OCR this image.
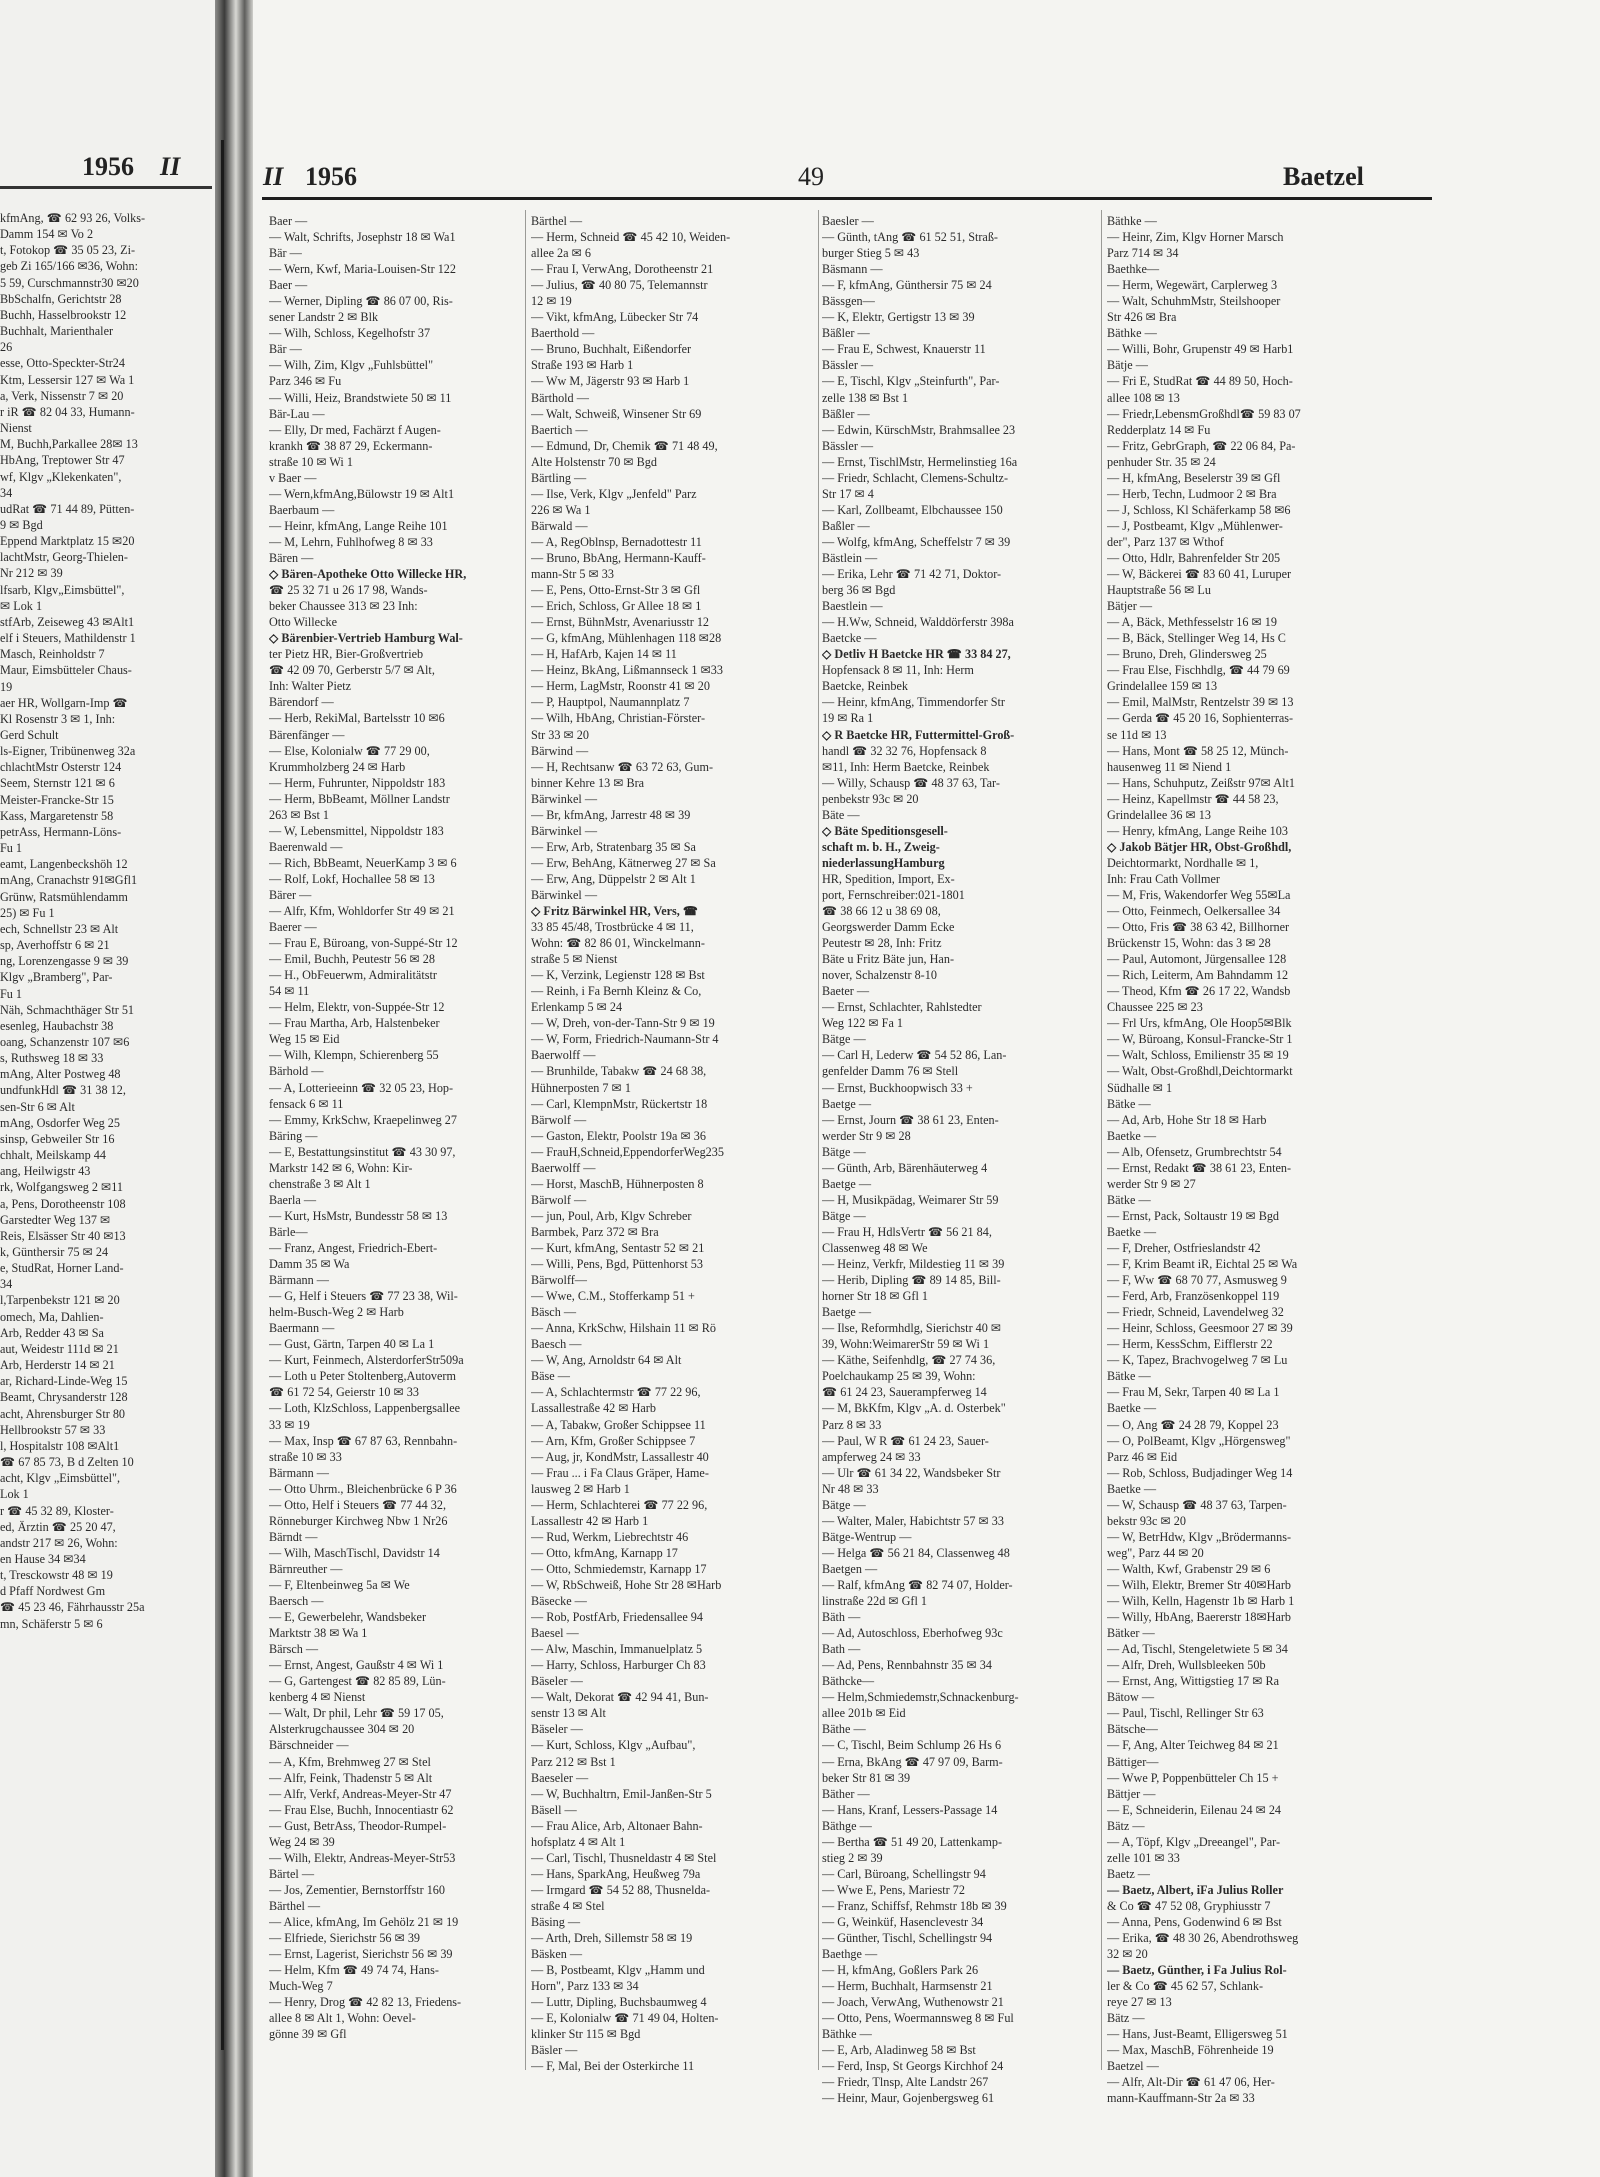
1956 II
kfmAng, ☎ 62 93 26, Volks-
Damm 154 ✉ Vo 2
t, Fotokop ☎ 35 05 23, Zi-
geb Zi 165/166 ✉36, Wohn:
5 59, Curschmannstr30 ✉20
BbSchalfn, Gerichtstr 28
Buchh, Hasselbrookstr 12
Buchhalt, Marienthaler
26
esse, Otto-Speckter-Str24
Ktm, Lessersir 127 ✉ Wa 1
a, Verk, Nissenstr 7 ✉ 20
r iR ☎ 82 04 33, Humann-
Nienst
M, Buchh,Parkallee 28✉ 13
HbAng, Treptower Str 47
wf, Klgv „Klekenkaten",
34
udRat ☎ 71 44 89, Pütten-
9 ✉ Bgd
Eppend Marktplatz 15 ✉20
lachtMstr, Georg-Thielen-
Nr 212 ✉ 39
lfsarb, Klgv„Eimsbüttel",
✉ Lok 1
stfArb, Zeiseweg 43 ✉Alt1
elf i Steuers, Mathildenstr 1
Masch, Reinholdstr 7
Maur, Eimsbütteler Chaus-
19
aer HR, Wollgarn-Imp ☎
Kl Rosenstr 3 ✉ 1, Inh:
Gerd Schult
ls-Eigner, Tribünenweg 32a
chlachtMstr Osterstr 124
Seem, Sternstr 121 ✉ 6
Meister-Francke-Str 15
Kass, Margaretenstr 58
petrAss, Hermann-Löns-
Fu 1
eamt, Langenbeckshöh 12
mAng, Cranachstr 91✉Gfl1
Grünw, Ratsmühlendamm
25) ✉ Fu 1
ech, Schnellstr 23 ✉ Alt
sp, Averhoffstr 6 ✉ 21
ng, Lorenzengasse 9 ✉ 39
Klgv „Bramberg", Par-
Fu 1
Näh, Schmachthäger Str 51
esenleg, Haubachstr 38
oang, Schanzenstr 107 ✉6
s, Ruthsweg 18 ✉ 33
mAng, Alter Postweg 48
undfunkHdl ☎ 31 38 12,
sen-Str 6 ✉ Alt
mAng, Osdorfer Weg 25
sinsp, Gebweiler Str 16
chhalt, Meilskamp 44
ang, Heilwigstr 43
rk, Wolfgangsweg 2 ✉11
a, Pens, Dorotheenstr 108
Garstedter Weg 137 ✉
Reis, Elsässer Str 40 ✉13
k, Günthersir 75 ✉ 24
e, StudRat, Horner Land-
34
l,Tarpenbekstr 121 ✉ 20
omech, Ma, Dahlien-
Arb, Redder 43 ✉ Sa
aut, Weidestr 111d ✉ 21
Arb, Herderstr 14 ✉ 21
ar, Richard-Linde-Weg 15
Beamt, Chrysanderstr 128
acht, Ahrensburger Str 80
Hellbrookstr 57 ✉ 33
l, Hospitalstr 108 ✉Alt1
☎ 67 85 73, B d Zelten 10
acht, Klgv „Eimsbüttel",
Lok 1
r ☎ 45 32 89, Kloster-
ed, Ärztin ☎ 25 20 47,
andstr 217 ✉ 26, Wohn:
en Hause 34 ✉34
t, Tresckowstr 48 ✉ 19
d Pfaff Nordwest Gm
☎ 45 23 46, Fährhausstr 25a
mn, Schäferstr 5 ✉ 6
II 1956	49	Baetzel
Baer —
— Walt, Schrifts, Josephstr 18 ✉ Wa1
Bär —
— Wern, Kwf, Maria-Louisen-Str 122
Baer —
— Werner, Dipling ☎ 86 07 00, Ris-
sener Landstr 2 ✉ Blk
— Wilh, Schloss, Kegelhofstr 37
Bär —
— Wilh, Zim, Klgv „Fuhlsbüttel"
Parz 346 ✉ Fu
— Willi, Heiz, Brandstwiete 50 ✉ 11
Bär-Lau —
— Elly, Dr med, Fachärzt f Augen-
krankh ☎ 38 87 29, Eckermann-
straße 10 ✉ Wi 1
v Baer —
— Wern,kfmAng,Bülowstr 19 ✉ Alt1
Baerbaum —
— Heinr, kfmAng, Lange Reihe 101
— M, Lehrn, Fuhlhofweg 8 ✉ 33
Bären —
◇ Bären-Apotheke Otto Willecke HR,
☎ 25 32 71 u 26 17 98, Wands-
beker Chaussee 313 ✉ 23 Inh:
Otto Willecke
◇ Bärenbier-Vertrieb Hamburg Wal-
ter Pietz HR, Bier-Großvertrieb
☎ 42 09 70, Gerberstr 5/7 ✉ Alt,
Inh: Walter Pietz
Bärendorf —
— Herb, RekiMal, Bartelsstr 10 ✉6
Bärenfänger —
— Else, Kolonialw ☎ 77 29 00,
Krummholzberg 24 ✉ Harb
— Herm, Fuhrunter, Nippoldstr 183
— Herm, BbBeamt, Möllner Landstr
263 ✉ Bst 1
— W, Lebensmittel, Nippoldstr 183
Baerenwald —
— Rich, BbBeamt, NeuerKamp 3 ✉ 6
— Rolf, Lokf, Hochallee 58 ✉ 13
Bärer —
— Alfr, Kfm, Wohldorfer Str 49 ✉ 21
Baerer —
— Frau E, Büroang, von-Suppé-Str 12
— Emil, Buchh, Peutestr 56 ✉ 28
— H., ObFeuerwm, Admiralitätstr
54 ✉ 11
— Helm, Elektr, von-Suppée-Str 12
— Frau Martha, Arb, Halstenbeker
Weg 15 ✉ Eid
— Wilh, Klempn, Schierenberg 55
Bärhold —
— A, Lotterieeinn ☎ 32 05 23, Hop-
fensack 6 ✉ 11
— Emmy, KrkSchw, Kraepelinweg 27
Bäring —
— E, Bestattungsinstitut ☎ 43 30 97,
Markstr 142 ✉ 6, Wohn: Kir-
chenstraße 3 ✉ Alt 1
Baerla —
— Kurt, HsMstr, Bundesstr 58 ✉ 13
Bärle—
— Franz, Angest, Friedrich-Ebert-
Damm 35 ✉ Wa
Bärmann —
— G, Helf i Steuers ☎ 77 23 38, Wil-
helm-Busch-Weg 2 ✉ Harb
Baermann —
— Gust, Gärtn, Tarpen 40 ✉ La 1
— Kurt, Feinmech, AlsterdorferStr509a
— Loth u Peter Stoltenberg,Autoverm
☎ 61 72 54, Geierstr 10 ✉ 33
— Loth, KlzSchloss, Lappenbergsallee
33 ✉ 19
— Max, Insp ☎ 67 87 63, Rennbahn-
straße 10 ✉ 33
Bärmann —
— Otto Uhrm., Bleichenbrücke 6 P 36
— Otto, Helf i Steuers ☎ 77 44 32,
Rönneburger Kirchweg Nbw 1 Nr26
Bärndt —
— Wilh, MaschTischl, Davidstr 14
Bärnreuther —
— F, Eltenbeinweg 5a ✉ We
Baersch —
— E, Gewerbelehr, Wandsbeker
Marktstr 38 ✉ Wa 1
Bärsch —
— Ernst, Angest, Gaußstr 4 ✉ Wi 1
— G, Gartengest ☎ 82 85 89, Lün-
kenberg 4 ✉ Nienst
— Walt, Dr phil, Lehr ☎ 59 17 05,
Alsterkrugchaussee 304 ✉ 20
Bärschneider —
— A, Kfm, Brehmweg 27 ✉ Stel
— Alfr, Feink, Thadenstr 5 ✉ Alt
— Alfr, Verkf, Andreas-Meyer-Str 47
— Frau Else, Buchh, Innocentiastr 62
— Gust, BetrAss, Theodor-Rumpel-
Weg 24 ✉ 39
— Wilh, Elektr, Andreas-Meyer-Str53
Bärtel —
— Jos, Zementier, Bernstorffstr 160
Bärthel —
— Alice, kfmAng, Im Gehölz 21 ✉ 19
— Elfriede, Sierichstr 56 ✉ 39
— Ernst, Lagerist, Sierichstr 56 ✉ 39
— Helm, Kfm ☎ 49 74 74, Hans-
Much-Weg 7
— Henry, Drog ☎ 42 82 13, Friedens-
allee 8 ✉ Alt 1, Wohn: Oevel-
gönne 39 ✉ Gfl
Bärthel —
— Herm, Schneid ☎ 45 42 10, Weiden-
allee 2a ✉ 6
— Frau I, VerwAng, Dorotheenstr 21
— Julius, ☎ 40 80 75, Telemannstr
12 ✉ 19
— Vikt, kfmAng, Lübecker Str 74
Baerthold —
— Bruno, Buchhalt, Eißendorfer
Straße 193 ✉ Harb 1
— Ww M, Jägerstr 93 ✉ Harb 1
Bärthold —
— Walt, Schweiß, Winsener Str 69
Baertich —
— Edmund, Dr, Chemik ☎ 71 48 49,
Alte Holstenstr 70 ✉ Bgd
Bärtling —
— Ilse, Verk, Klgv „Jenfeld" Parz
226 ✉ Wa 1
Bärwald —
— A, RegOblnsp, Bernadottestr 11
— Bruno, BbAng, Hermann-Kauff-
mann-Str 5 ✉ 33
— E, Pens, Otto-Ernst-Str 3 ✉ Gfl
— Erich, Schloss, Gr Allee 18 ✉ 1
— Ernst, BühnMstr, Avenariusstr 12
— G, kfmAng, Mühlenhagen 118 ✉28
— H, HafArb, Kajen 14 ✉ 11
— Heinz, BkAng, Lißmannseck 1 ✉33
— Herm, LagMstr, Roonstr 41 ✉ 20
— P, Hauptpol, Naumannplatz 7
— Wilh, HbAng, Christian-Förster-
Str 33 ✉ 20
Bärwind —
— H, Rechtsanw ☎ 63 72 63, Gum-
binner Kehre 13 ✉ Bra
Bärwinkel —
— Br, kfmAng, Jarrestr 48 ✉ 39
Bärwinkel —
— Erw, Arb, Stratenbarg 35 ✉ Sa
— Erw, BehAng, Kätnerweg 27 ✉ Sa
— Erw, Ang, Düppelstr 2 ✉ Alt 1
Bärwinkel —
◇ Fritz Bärwinkel HR, Vers, ☎
33 85 45/48, Trostbrücke 4 ✉ 11,
Wohn: ☎ 82 86 01, Winckelmann-
straße 5 ✉ Nienst
— K, Verzink, Legienstr 128 ✉ Bst
— Reinh, i Fa Bernh Kleinz & Co,
Erlenkamp 5 ✉ 24
— W, Dreh, von-der-Tann-Str 9 ✉ 19
— W, Form, Friedrich-Naumann-Str 4
Baerwolff —
— Brunhilde, Tabakw ☎ 24 68 38,
Hühnerposten 7 ✉ 1
— Carl, KlempnMstr, Rückertstr 18
Bärwolf —
— Gaston, Elektr, Poolstr 19a ✉ 36
— FrauH,Schneid,EppendorferWeg235
Baerwolff —
— Horst, MaschB, Hühnerposten 8
Bärwolf —
— jun, Poul, Arb, Klgv Schreber
Barmbek, Parz 372 ✉ Bra
— Kurt, kfmAng, Sentastr 52 ✉ 21
— Willi, Pens, Bgd, Püttenhorst 53
Bärwolff—
— Wwe, C.M., Stofferkamp 51 +
Bäsch —
— Anna, KrkSchw, Hilshain 11 ✉ Rö
Baesch —
— W, Ang, Arnoldstr 64 ✉ Alt
Bäse —
— A, Schlachtermstr ☎ 77 22 96,
Lassallestraße 42 ✉ Harb
— A, Tabakw, Großer Schippsee 11
— Arn, Kfm, Großer Schippsee 7
— Aug, jr, KondMstr, Lassallestr 40
— Frau ... i Fa Claus Gräper, Hame-
lausweg 2 ✉ Harb 1
— Herm, Schlachterei ☎ 77 22 96,
Lassallestr 42 ✉ Harb 1
— Rud, Werkm, Liebrechtstr 46
— Otto, kfmAng, Karnapp 17
— Otto, Schmiedemstr, Karnapp 17
— W, RbSchweiß, Hohe Str 28 ✉Harb
Bäsecke —
— Rob, PostfArb, Friedensallee 94
Baesel —
— Alw, Maschin, Immanuelplatz 5
— Harry, Schloss, Harburger Ch 83
Bäseler —
— Walt, Dekorat ☎ 42 94 41, Bun-
senstr 13 ✉ Alt
Bäseler —
— Kurt, Schloss, Klgv „Aufbau",
Parz 212 ✉ Bst 1
Baeseler —
— W, Buchhaltrn, Emil-Janßen-Str 5
Bäsell —
— Frau Alice, Arb, Altonaer Bahn-
hofsplatz 4 ✉ Alt 1
— Carl, Tischl, Thusneldastr 4 ✉ Stel
— Hans, SparkAng, Heußweg 79a
— Irmgard ☎ 54 52 88, Thusnelda-
straße 4 ✉ Stel
Bäsing —
— Arth, Dreh, Sillemstr 58 ✉ 19
Bäsken —
— B, Postbeamt, Klgv „Hamm und
Horn", Parz 133 ✉ 34
— Luttr, Dipling, Buchsbaumweg 4
— E, Kolonialw ☎ 71 49 04, Holten-
klinker Str 115 ✉ Bgd
Bäsler —
— F, Mal, Bei der Osterkirche 11
Baesler —
— Günth, tAng ☎ 61 52 51, Straß-
burger Stieg 5 ✉ 43
Bäsmann —
— F, kfmAng, Günthersir 75 ✉ 24
Bässgen—
— K, Elektr, Gertigstr 13 ✉ 39
Bäßler —
— Frau E, Schwest, Knauerstr 11
Bässler —
— E, Tischl, Klgv „Steinfurth", Par-
zelle 138 ✉ Bst 1
Bäßler —
— Edwin, KürschMstr, Brahmsallee 23
Bässler —
— Ernst, TischlMstr, Hermelinstieg 16a
— Friedr, Schlacht, Clemens-Schultz-
Str 17 ✉ 4
— Karl, Zollbeamt, Elbchaussee 150
Baßler —
— Wolfg, kfmAng, Scheffelstr 7 ✉ 39
Bästlein —
— Erika, Lehr ☎ 71 42 71, Doktor-
berg 36 ✉ Bgd
Baestlein —
— H.Ww, Schneid, Walddörferstr 398a
Baetcke —
◇ Detliv H Baetcke HR ☎ 33 84 27,
Hopfensack 8 ✉ 11, Inh: Herm
Baetcke, Reinbek
— Heinr, kfmAng, Timmendorfer Str
19 ✉ Ra 1
◇ R Baetcke HR, Futtermittel-Groß-
handl ☎ 32 32 76, Hopfensack 8
✉11, Inh: Herm Baetcke, Reinbek
— Willy, Schausp ☎ 48 37 63, Tar-
penbekstr 93c ✉ 20
Bäte —
◇ Bäte Speditionsgesell-
schaft m. b. H., Zweig-
niederlassungHamburg
HR, Spedition, Import, Ex-
port, Fernschreiber:021-1801
☎ 38 66 12 u 38 69 08,
Georgswerder Damm Ecke
Peutestr ✉ 28, Inh: Fritz
Bäte u Fritz Bäte jun, Han-
nover, Schalzenstr 8-10
Baeter —
— Ernst, Schlachter, Rahlstedter
Weg 122 ✉ Fa 1
Bätge —
— Carl H, Lederw ☎ 54 52 86, Lan-
genfelder Damm 76 ✉ Stell
— Ernst, Buckhoopwisch 33 +
Baetge —
— Ernst, Journ ☎ 38 61 23, Enten-
werder Str 9 ✉ 28
Bätge —
— Günth, Arb, Bärenhäuterweg 4
Baetge —
— H, Musikpädag, Weimarer Str 59
Bätge —
— Frau H, HdlsVertr ☎ 56 21 84,
Classenweg 48 ✉ We
— Heinz, Verkfr, Mildestieg 11 ✉ 39
— Herib, Dipling ☎ 89 14 85, Bill-
horner Str 18 ✉ Gfl 1
Baetge —
— Ilse, Reformhdlg, Sierichstr 40 ✉
39, Wohn:WeimarerStr 59 ✉ Wi 1
— Käthe, Seifenhdlg, ☎ 27 74 36,
Poelchaukamp 25 ✉ 39, Wohn:
☎ 61 24 23, Sauerampferweg 14
— M, BkKfm, Klgv „A. d. Osterbek"
Parz 8 ✉ 33
— Paul, W R ☎ 61 24 23, Sauer-
ampferweg 24 ✉ 33
— Ulr ☎ 61 34 22, Wandsbeker Str
Nr 48 ✉ 33
Bätge —
— Walter, Maler, Habichtstr 57 ✉ 33
Bätge-Wentrup —
— Helga ☎ 56 21 84, Classenweg 48
Baetgen —
— Ralf, kfmAng ☎ 82 74 07, Holder-
linstraße 22d ✉ Gfl 1
Bäth —
— Ad, Autoschloss, Eberhofweg 93c
Bath —
— Ad, Pens, Rennbahnstr 35 ✉ 34
Bäthcke—
— Helm,Schmiedemstr,Schnackenburg-
allee 201b ✉ Eid
Bäthe —
— C, Tischl, Beim Schlump 26 Hs 6
— Erna, BkAng ☎ 47 97 09, Barm-
beker Str 81 ✉ 39
Bäther —
— Hans, Kranf, Lessers-Passage 14
Bäthge —
— Bertha ☎ 51 49 20, Lattenkamp-
stieg 2 ✉ 39
— Carl, Büroang, Schellingstr 94
— Wwe E, Pens, Mariestr 72
— Franz, Schiffsf, Rehmstr 18b ✉ 39
— G, Weinküf, Hasenclevestr 34
— Günther, Tischl, Schellingstr 94
Baethge —
— H, kfmAng, Goßlers Park 26
— Herm, Buchhalt, Harmsenstr 21
— Joach, VerwAng, Wuthenowstr 21
— Otto, Pens, Woermannsweg 8 ✉ Ful
Bäthke —
— E, Arb, Aladinweg 58 ✉ Bst
— Ferd, Insp, St Georgs Kirchhof 24
— Friedr, Tlnsp, Alte Landstr 267
— Heinr, Maur, Gojenbergsweg 61
Bäthke —
— Heinr, Zim, Klgv Horner Marsch
Parz 714 ✉ 34
Baethke—
— Herm, Wegewärt, Carplerweg 3
— Walt, SchuhmMstr, Steilshooper
Str 426 ✉ Bra
Bäthke —
— Willi, Bohr, Grupenstr 49 ✉ Harb1
Bätje —
— Fri E, StudRat ☎ 44 89 50, Hoch-
allee 108 ✉ 13
— Friedr,LebensmGroßhdl☎ 59 83 07
Redderplatz 14 ✉ Fu
— Fritz, GebrGraph, ☎ 22 06 84, Pa-
penhuder Str. 35 ✉ 24
— H, kfmAng, Beselerstr 39 ✉ Gfl
— Herb, Techn, Ludmoor 2 ✉ Bra
— J, Schloss, Kl Schäferkamp 58 ✉6
— J, Postbeamt, Klgv „Mühlenwer-
der", Parz 137 ✉ Wthof
— Otto, Hdlr, Bahrenfelder Str 205
— W, Bäckerei ☎ 83 60 41, Luruper
Hauptstraße 56 ✉ Lu
Bätjer —
— A, Bäck, Methfesselstr 16 ✉ 19
— B, Bäck, Stellinger Weg 14, Hs C
— Bruno, Dreh, Glindersweg 25
— Frau Else, Fischhdlg, ☎ 44 79 69
Grindelallee 159 ✉ 13
— Emil, MalMstr, Rentzelstr 39 ✉ 13
— Gerda ☎ 45 20 16, Sophienterras-
se 11d ✉ 13
— Hans, Mont ☎ 58 25 12, Münch-
hausenweg 11 ✉ Niend 1
— Hans, Schuhputz, Zeißstr 97✉ Alt1
— Heinz, Kapellmstr ☎ 44 58 23,
Grindelallee 36 ✉ 13
— Henry, kfmAng, Lange Reihe 103
◇ Jakob Bätjer HR, Obst-Großhdl,
Deichtormarkt, Nordhalle ✉ 1,
Inh: Frau Cath Vollmer
— M, Fris, Wakendorfer Weg 55✉La
— Otto, Feinmech, Oelkersallee 34
— Otto, Fris ☎ 38 63 42, Billhorner
Brückenstr 15, Wohn: das 3 ✉ 28
— Paul, Automont, Jürgensallee 128
— Rich, Leiterm, Am Bahndamm 12
— Theod, Kfm ☎ 26 17 22, Wandsb
Chaussee 225 ✉ 23
— Frl Urs, kfmAng, Ole Hoop5✉Blk
— W, Büroang, Konsul-Francke-Str 1
— Walt, Schloss, Emilienstr 35 ✉ 19
— Walt, Obst-Großhdl,Deichtormarkt
Südhalle ✉ 1
Bätke —
— Ad, Arb, Hohe Str 18 ✉ Harb
Baetke —
— Alb, Ofensetz, Grumbrechtstr 54
— Ernst, Redakt ☎ 38 61 23, Enten-
werder Str 9 ✉ 27
Bätke —
— Ernst, Pack, Soltaustr 19 ✉ Bgd
Baetke —
— F, Dreher, Ostfrieslandstr 42
— F, Krim Beamt iR, Eichtal 25 ✉ Wa
— F, Ww ☎ 68 70 77, Asmusweg 9
— Ferd, Arb, Französenkoppel 119
— Friedr, Schneid, Lavendelweg 32
— Heinr, Schloss, Geesmoor 27 ✉ 39
— Herm, KessSchm, Eifflerstr 22
— K, Tapez, Brachvogelweg 7 ✉ Lu
Bätke —
— Frau M, Sekr, Tarpen 40 ✉ La 1
Baetke —
— O, Ang ☎ 24 28 79, Koppel 23
— O, PolBeamt, Klgv „Hörgensweg"
Parz 46 ✉ Eid
— Rob, Schloss, Budjadinger Weg 14
Baetke —
— W, Schausp ☎ 48 37 63, Tarpen-
bekstr 93c ✉ 20
— W, BetrHdw, Klgv „Brödermanns-
weg", Parz 44 ✉ 20
— Walth, Kwf, Grabenstr 29 ✉ 6
— Wilh, Elektr, Bremer Str 40✉Harb
— Wilh, Kelln, Hagenstr 1b ✉ Harb 1
— Willy, HbAng, Baererstr 18✉Harb
Bätker —
— Ad, Tischl, Stengeletwiete 5 ✉ 34
— Alfr, Dreh, Wullsbleeken 50b
— Ernst, Ang, Wittigstieg 17 ✉ Ra
Bätow —
— Paul, Tischl, Rellinger Str 63
Bätsche—
— F, Ang, Alter Teichweg 84 ✉ 21
Bättiger—
— Wwe P, Poppenbütteler Ch 15 +
Bättjer —
— E, Schneiderin, Eilenau 24 ✉ 24
Bätz —
— A, Töpf, Klgv „Dreeangel", Par-
zelle 101 ✉ 33
Baetz —
— Baetz, Albert, iFa Julius Roller
& Co ☎ 47 52 08, Gryphiusstr 7
— Anna, Pens, Godenwind 6 ✉ Bst
— Erika, ☎ 48 30 26, Abendrothsweg
32 ✉ 20
— Baetz, Günther, i Fa Julius Rol-
ler & Co ☎ 45 62 57, Schlank-
reye 27 ✉ 13
Bätz —
— Hans, Just-Beamt, Elligersweg 51
— Max, MaschB, Föhrenheide 19
Baetzel —
— Alfr, Alt-Dir ☎ 61 47 06, Her-
mann-Kauffmann-Str 2a ✉ 33
